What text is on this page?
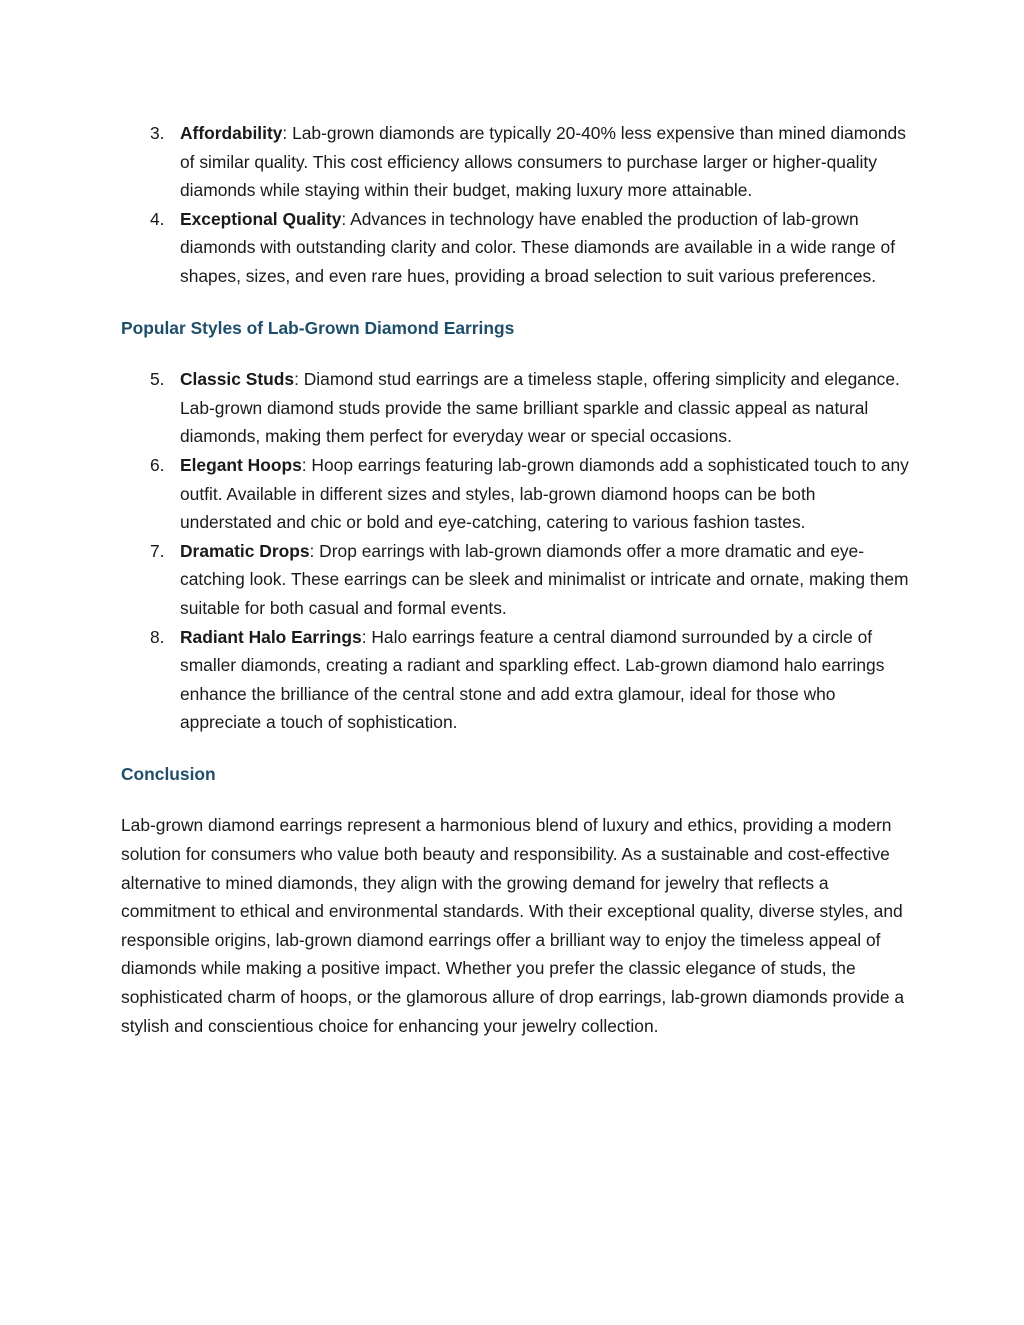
3. Affordability: Lab-grown diamonds are typically 20-40% less expensive than mined diamonds of similar quality. This cost efficiency allows consumers to purchase larger or higher-quality diamonds while staying within their budget, making luxury more attainable.
4. Exceptional Quality: Advances in technology have enabled the production of lab-grown diamonds with outstanding clarity and color. These diamonds are available in a wide range of shapes, sizes, and even rare hues, providing a broad selection to suit various preferences.
Popular Styles of Lab-Grown Diamond Earrings
5. Classic Studs: Diamond stud earrings are a timeless staple, offering simplicity and elegance. Lab-grown diamond studs provide the same brilliant sparkle and classic appeal as natural diamonds, making them perfect for everyday wear or special occasions.
6. Elegant Hoops: Hoop earrings featuring lab-grown diamonds add a sophisticated touch to any outfit. Available in different sizes and styles, lab-grown diamond hoops can be both understated and chic or bold and eye-catching, catering to various fashion tastes.
7. Dramatic Drops: Drop earrings with lab-grown diamonds offer a more dramatic and eye-catching look. These earrings can be sleek and minimalist or intricate and ornate, making them suitable for both casual and formal events.
8. Radiant Halo Earrings: Halo earrings feature a central diamond surrounded by a circle of smaller diamonds, creating a radiant and sparkling effect. Lab-grown diamond halo earrings enhance the brilliance of the central stone and add extra glamour, ideal for those who appreciate a touch of sophistication.
Conclusion

Lab-grown diamond earrings represent a harmonious blend of luxury and ethics, providing a modern solution for consumers who value both beauty and responsibility. As a sustainable and cost-effective alternative to mined diamonds, they align with the growing demand for jewelry that reflects a commitment to ethical and environmental standards. With their exceptional quality, diverse styles, and responsible origins, lab-grown diamond earrings offer a brilliant way to enjoy the timeless appeal of diamonds while making a positive impact. Whether you prefer the classic elegance of studs, the sophisticated charm of hoops, or the glamorous allure of drop earrings, lab-grown diamonds provide a stylish and conscientious choice for enhancing your jewelry collection.
